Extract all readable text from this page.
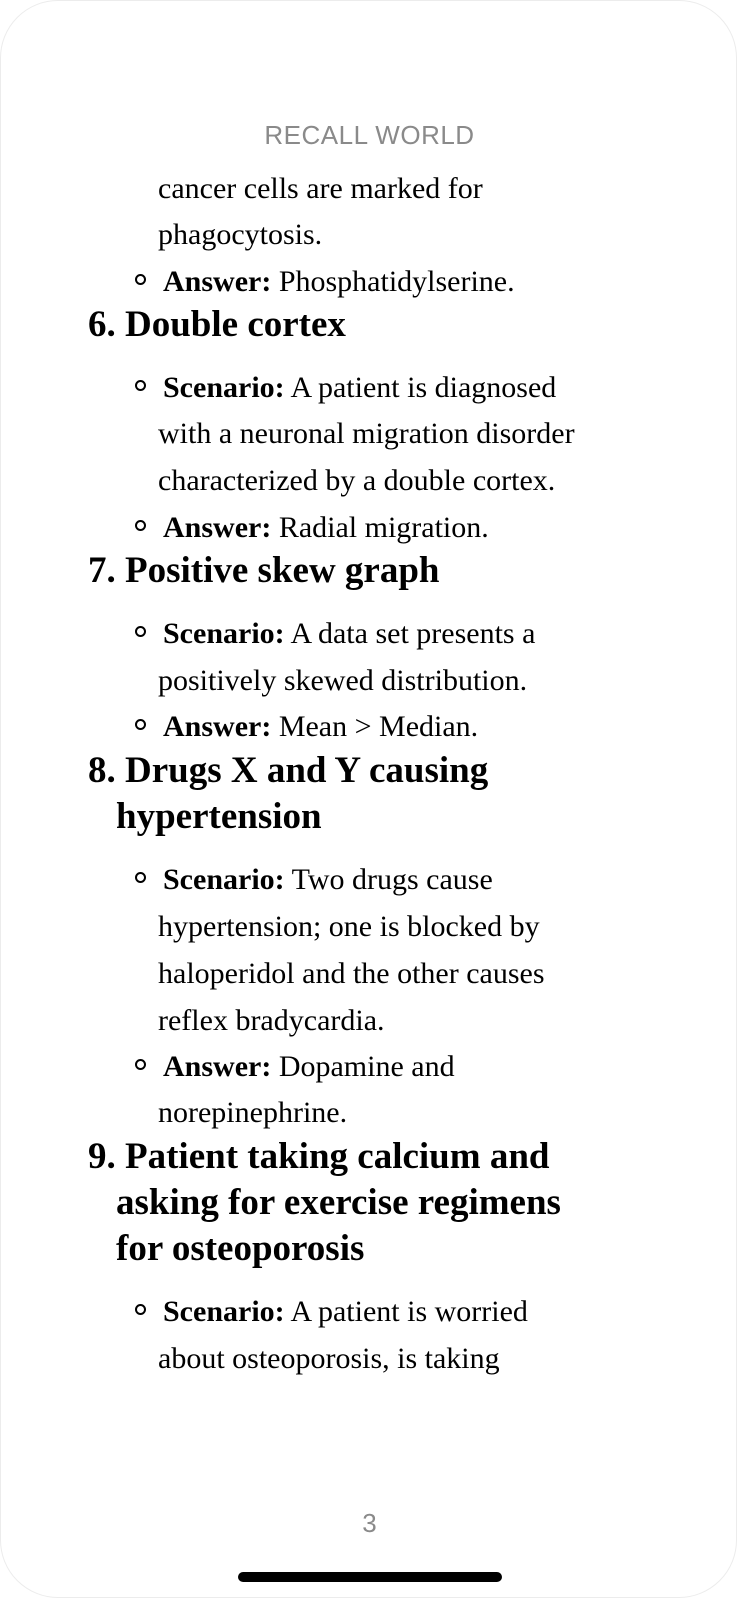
RECALL WORLD
cancer cells are marked for
phagocytosis.
Answer: Phosphatidylserine.
6. Double cortex
Scenario: A patient is diagnosed
with a neuronal migration disorder
characterized by a double cortex.
Answer: Radial migration.
7. Positive skew graph
Scenario: A data set presents a
positively skewed distribution.
Answer: Mean > Median.
8. Drugs X and Y causing
hypertension
Scenario: Two drugs cause
hypertension; one is blocked by
haloperidol and the other causes
reflex bradycardia.
Answer: Dopamine and
norepinephrine.
9. Patient taking calcium and
asking for exercise regimens
for osteoporosis
Scenario: A patient is worried
about osteoporosis, is taking
3
